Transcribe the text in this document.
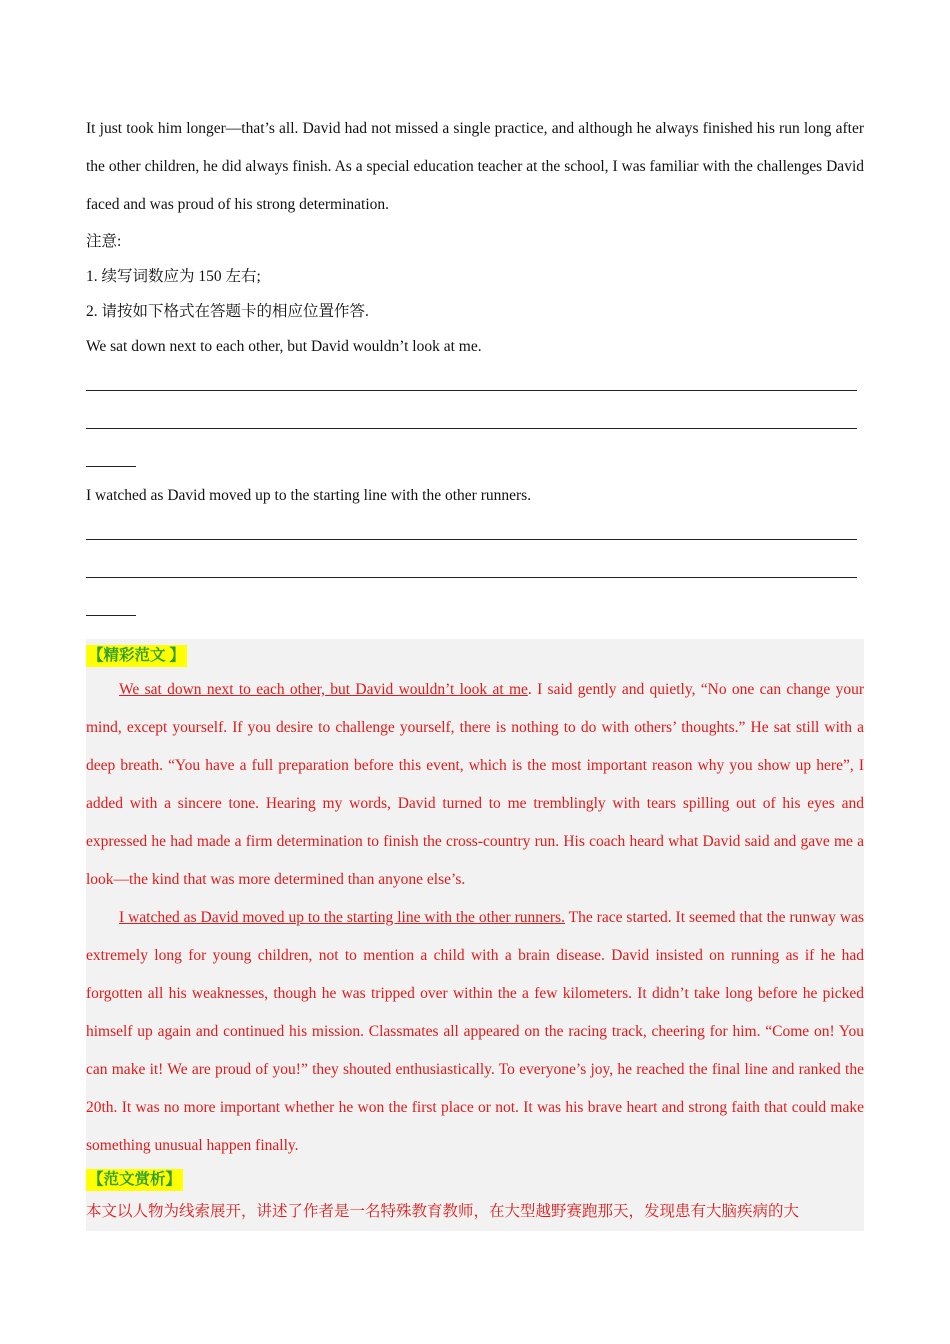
It just took him longer—that’s all. David had not missed a single practice, and although he always finished his run long after the other children, he did always finish. As a special education teacher at the school, I was familiar with the challenges David faced and was proud of his strong determination.

注意:

1. 续写词数应为 150 左右;

2. 请按如下格式在答题卡的相应位置作答.

We sat down next to each other, but David wouldn’t look at me.

I watched as David moved up to the starting line with the other runners.

【精彩范文 】

We sat down next to each other, but David wouldn’t look at me. I said gently and quietly, “No one can change your mind, except yourself. If you desire to challenge yourself, there is nothing to do with others’ thoughts.” He sat still with a deep breath. “You have a full preparation before this event, which is the most important reason why you show up here”, I added with a sincere tone. Hearing my words, David turned to me tremblingly with tears spilling out of his eyes and expressed he had made a firm determination to finish the cross-country run. His coach heard what David said and gave me a look—the kind that was more determined than anyone else’s.

I watched as David moved up to the starting line with the other runners. The race started. It seemed that the runway was extremely long for young children, not to mention a child with a brain disease. David insisted on running as if he had forgotten all his weaknesses, though he was tripped over within the a few kilometers. It didn’t take long before he picked himself up again and continued his mission. Classmates all appeared on the racing track, cheering for him. “Come on! You can make it! We are proud of you!” they shouted enthusiastically. To everyone’s joy, he reached the final line and ranked the 20th. It was no more important whether he won the first place or not. It was his brave heart and strong faith that could make something unusual happen finally.

【范文赏析】

本文以人物为线索展开，讲述了作者是一名特殊教育教师，在大型越野赛跑那天，发现患有大脑疾病的大
